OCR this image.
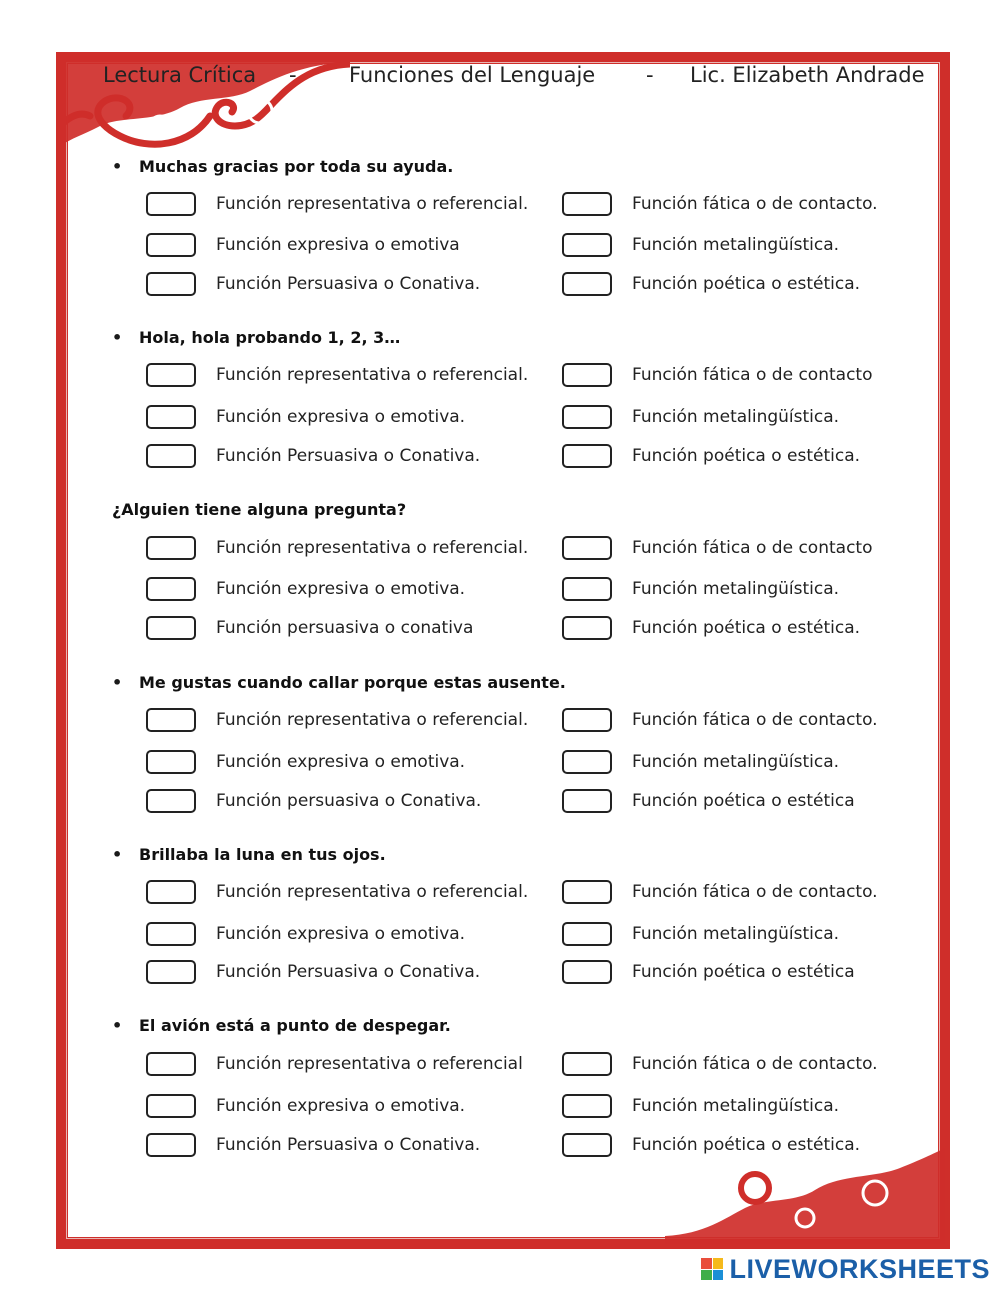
Lectura Crítica - Funciones del Lenguaje - Lic. Elizabeth Andrade
• Muchas gracias por toda su ayuda.
Función representativa o referencial.
Función expresiva o emotiva
Función Persuasiva o Conativa.
Función fática o de contacto.
Función metalingüística.
Función poética o estética.
• Hola, hola probando 1, 2, 3…
Función representativa o referencial.
Función expresiva o emotiva.
Función Persuasiva o Conativa.
Función fática o de contacto
Función metalingüística.
Función poética o estética.
¿Alguien tiene alguna pregunta?
Función representativa o referencial.
Función expresiva o emotiva.
Función persuasiva o conativa
Función fática o de contacto
Función metalingüística.
Función poética o estética.
• Me gustas cuando callar porque estas ausente.
Función representativa o referencial.
Función expresiva o emotiva.
Función persuasiva o Conativa.
Función fática o de contacto.
Función metalingüística.
Función poética o estética
• Brillaba la luna en tus ojos.
Función representativa o referencial.
Función expresiva o emotiva.
Función Persuasiva o Conativa.
Función fática o de contacto.
Función metalingüística.
Función poética o estética
• El avión está a punto de despegar.
Función representativa o referencial
Función expresiva o emotiva.
Función Persuasiva o Conativa.
Función fática o de contacto.
Función metalingüística.
Función poética o estética.
LIVEWORKSHEETS
